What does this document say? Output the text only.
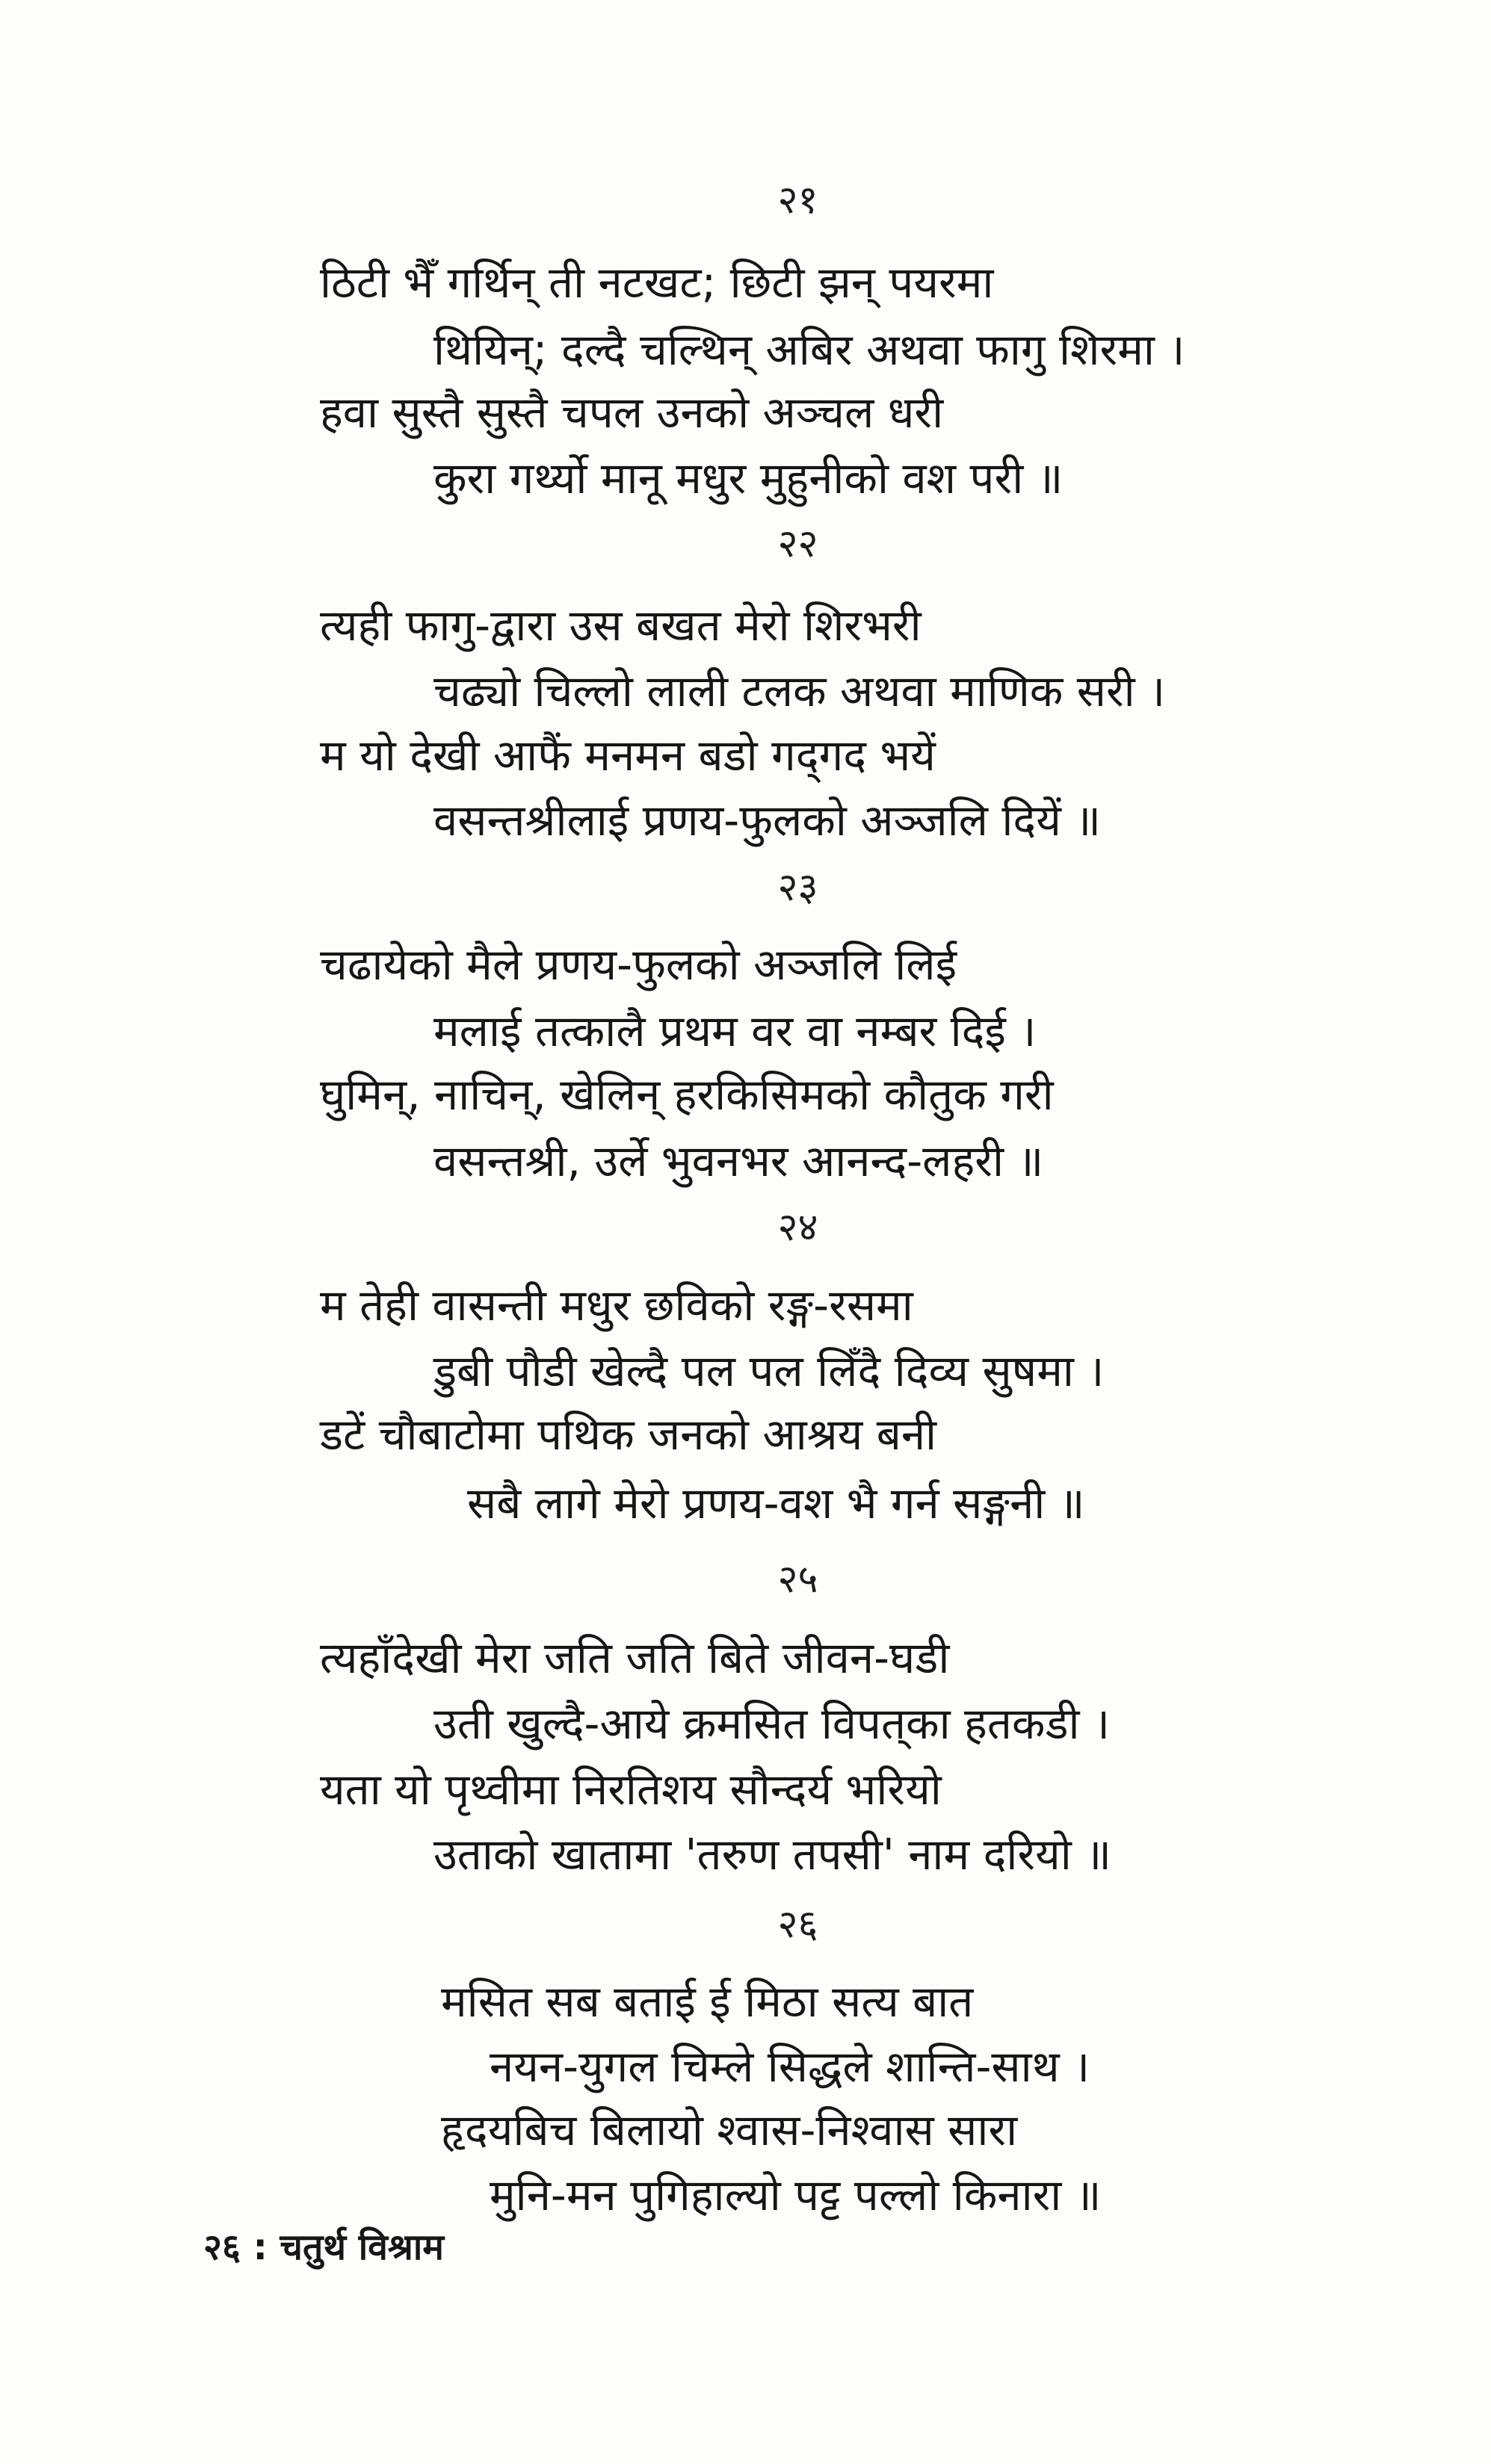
२१
ठिटी भैँ गर्थिन् ती नटखट; छिटी झन् पयरमा
थियिन्; दल्दै चल्थिन् अबिर अथवा फागु शिरमा ।
हवा सुस्तै सुस्तै चपल उनको अञ्चल धरी
कुरा गर्थ्यो मानू मधुर मुहुनीको वश परी ॥
२२
त्यही फागु-द्वारा उस बखत मेरो शिरभरी
चढ्यो चिल्लो लाली टलक अथवा माणिक सरी ।
म यो देखी आफैं मनमन बडो गद्‌गद भयें
वसन्तश्रीलाई प्रणय-फुलको अञ्जलि दियें ॥
२३
चढायेको मैले प्रणय-फुलको अञ्जलि लिई
मलाई तत्कालै प्रथम वर वा नम्बर दिई ।
घुमिन्, नाचिन्, खेलिन् हरकिसिमको कौतुक गरी
वसन्तश्री, उर्ले भुवनभर आनन्द-लहरी ॥
२४
म तेही वासन्ती मधुर छविको रङ्ग-रसमा
डुबी पौडी खेल्दै पल पल लिँदै दिव्य सुषमा ।
डटें चौबाटोमा पथिक जनको आश्रय बनी
सबै लागे मेरो प्रणय-वश भै गर्न सङ्गनी ॥
२५
त्यहाँदेखी मेरा जति जति बिते जीवन-घडी
उती खुल्दै-आये क्रमसित विपत्‌का हतकडी ।
यता यो पृथ्वीमा निरतिशय सौन्दर्य भरियो
उताको खातामा 'तरुण तपसी' नाम दरियो ॥
२६
मसित सब बताई ई मिठा सत्य बात
नयन-युगल चिम्ले सिद्धले शान्ति-साथ ।
हृदयबिच बिलायो श्वास-निश्वास सारा
मुनि-मन पुगिहाल्यो पट्ट पल्लो किनारा ॥
२६ : चतुर्थ विश्राम
